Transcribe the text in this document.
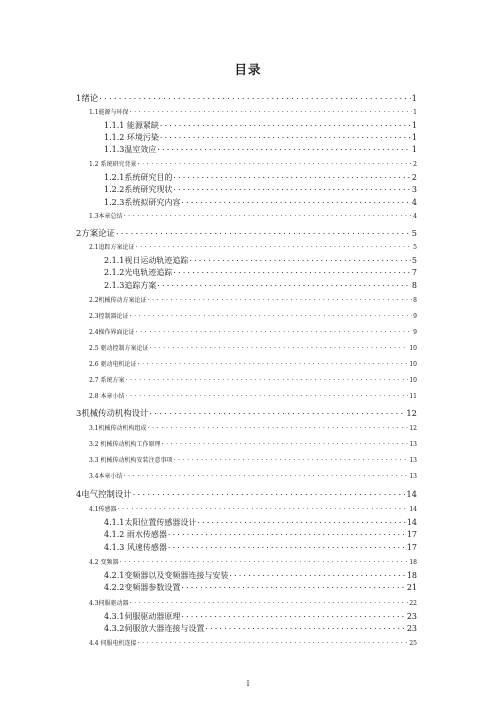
目录
1绪论 . . .	1
1.1能源与环保 . . .	1
1.1.1 能源紧缺 . . .	1
1.1.2 环境污染 . . .	1
1.1.3温室效应 . . .	1
1.2 系统研究背景 . . .	2
1.2.1系统研究目的 . . .	2
1.2.2系统研究现状 . . .	3
1.2.3系统拟研究内容 . . .	4
1.3本章总结 . . .	4
2方案论证 . . .	5
2.1追踪方案论证 . . .	5
2.1.1视日运动轨迹追踪 . . .	5
2.1.2光电轨迹追踪 . . .	7
2.1.3追踪方案 . . .	8
2.2机械传动方案论证 . . .	8
2.3控制器论证 . . .	9
2.4操作界面论证 . . .	9
2.5 驱动控制方案论证 . . .	10
2.6 驱动电机论证 . . .	10
2.7 系统方案 . . .	10
2.8 本章小结 . . .	11
3机械传动机构设计 . . .	12
3.1机械传动机构组成 . . .	12
3.2 机械传动机构工作原理 . . .	13
3.3 机械传动机构安装注意事项 . . .	13
3.4本章小结 . . .	13
4电气控制设计 . . .	14
4.1传感器 . . .	14
4.1.1太阳位置传感器设计 . . .	14
4.1.2 雨水传感器 . . .	17
4.1.3 风速传感器 . . .	17
4.2 变频器 . . .	18
4.2.1变频器以及变频器连接与安装 . . .	18
4.2.2变频器参数设置 . . .	21
4.3伺服驱动器 . . .	22
4.3.1伺服驱动器原理 . . .	23
4.3.2伺服放大器连接与设置 . . .	23
4.4 伺服电机连接 . . .	25
I
